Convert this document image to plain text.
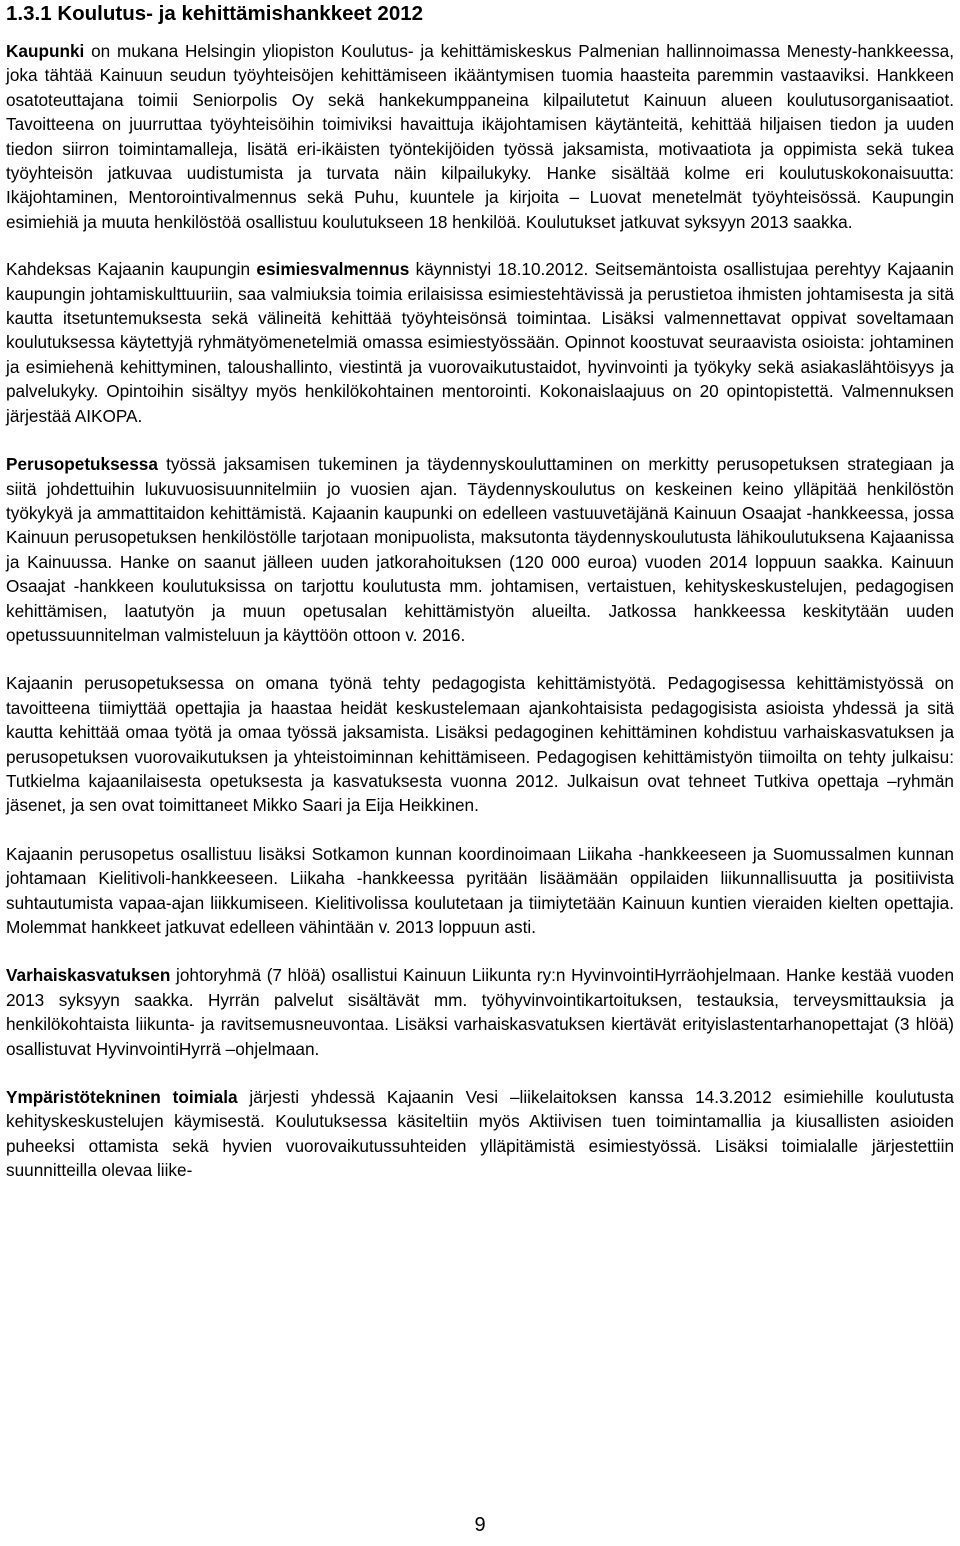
1.3.1 Koulutus- ja kehittämishankkeet 2012

Kaupunki on mukana Helsingin yliopiston Koulutus- ja kehittämiskeskus Palmenian hallinnoimassa Menesty-hankkeessa, joka tähtää Kainuun seudun työyhteisöjen kehittämiseen ikääntymisen tuomia haasteita paremmin vastaaviksi. Hankkeen osatoteuttajana toimii Seniorpolis Oy sekä hankekumppaneina kilpailutetut Kainuun alueen koulutusorganisaatiot. Tavoitteena on juurruttaa työyhteisöihin toimiviksi havaittuja ikäjohtamisen käytänteitä, kehittää hiljaisen tiedon ja uuden tiedon siirron toimintamalleja, lisätä eri-ikäisten työntekijöiden työssä jaksamista, motivaatiota ja oppimista sekä tukea työyhteisön jatkuvaa uudistumista ja turvata näin kilpailukyky. Hanke sisältää kolme eri koulutuskokonaisuutta: Ikäjohtaminen, Mentorointivalmennus sekä Puhu, kuuntele ja kirjoita – Luovat menetelmät työyhteisössä. Kaupungin esimiehiä ja muuta henkilöstöä osallistuu koulutukseen 18 henkilöä. Koulutukset jatkuvat syksyyn 2013 saakka.

Kahdeksas Kajaanin kaupungin esimiesvalmennus käynnistyi 18.10.2012. Seitsemäntoista osallistujaa perehtyy Kajaanin kaupungin johtamiskulttuuriin, saa valmiuksia toimia erilaisissa esimiestehtävissä ja perustietoa ihmisten johtamisesta ja sitä kautta itsetuntemuksesta sekä välineitä kehittää työyhteisönsä toimintaa. Lisäksi valmennettavat oppivat soveltamaan koulutuksessa käytettyjä ryhmätyömenetelmiä omassa esimiestyössään. Opinnot koostuvat seuraavista osioista: johtaminen ja esimiehenä kehittyminen, taloushallinto, viestintä ja vuorovaikutustaidot, hyvinvointi ja työkyky sekä asiakaslähtöisyys ja palvelukyky. Opintoihin sisältyy myös henkilökohtainen mentorointi. Kokonaislaajuus on 20 opintopistettä. Valmennuksen järjestää AIKOPA.

Perusopetuksessa työssä jaksamisen tukeminen ja täydennyskouluttaminen on merkitty perusopetuksen strategiaan ja siitä johdettuihin lukuvuosisuunnitelmiin jo vuosien ajan. Täydennyskoulutus on keskeinen keino ylläpitää henkilöstön työkykyä ja ammattitaidon kehittämistä. Kajaanin kaupunki on edelleen vastuuvetäjänä Kainuun Osaajat -hankkeessa, jossa Kainuun perusopetuksen henkilöstölle tarjotaan monipuolista, maksutonta täydennyskoulutusta lähikoulutuksena Kajaanissa ja Kainuussa. Hanke on saanut jälleen uuden jatkorahoituksen (120 000 euroa) vuoden 2014 loppuun saakka. Kainuun Osaajat -hankkeen koulutuksissa on tarjottu koulutusta mm. johtamisen, vertaistuen, kehityskeskustelujen, pedagogisen kehittämisen, laatutyön ja muun opetusalan kehittämistyön alueilta. Jatkossa hankkeessa keskitytään uuden opetussuunnitelman valmisteluun ja käyttöön ottoon v. 2016.

Kajaanin perusopetuksessa on omana työnä tehty pedagogista kehittämistyötä. Pedagogisessa kehittämistyössä on tavoitteena tiimiyttää opettajia ja haastaa heidät keskustelemaan ajankohtaisista pedagogisista asioista yhdessä ja sitä kautta kehittää omaa työtä ja omaa työssä jaksamista. Lisäksi pedagoginen kehittäminen kohdistuu varhaiskasvatuksen ja perusopetuksen vuorovaikutuksen ja yhteistoiminnan kehittämiseen. Pedagogisen kehittämistyön tiimoilta on tehty julkaisu: Tutkielma kajaanilaisesta opetuksesta ja kasvatuksesta vuonna 2012. Julkaisun ovat tehneet Tutkiva opettaja –ryhmän jäsenet, ja sen ovat toimittaneet Mikko Saari ja Eija Heikkinen.

Kajaanin perusopetus osallistuu lisäksi Sotkamon kunnan koordinoimaan Liikaha -hankkeeseen ja Suomussalmen kunnan johtamaan Kielitivoli-hankkeeseen. Liikaha -hankkeessa pyritään lisäämään oppilaiden liikunnallisuutta ja positiivista suhtautumista vapaa-ajan liikkumiseen. Kielitivolissa koulutetaan ja tiimiytetään Kainuun kuntien vieraiden kielten opettajia. Molemmat hankkeet jatkuvat edelleen vähintään v. 2013 loppuun asti.

Varhaiskasvatuksen johtoryhmä (7 hlöä) osallistui Kainuun Liikunta ry:n HyvinvointiHyrräohjelmaan. Hanke kestää vuoden 2013 syksyyn saakka. Hyrrän palvelut sisältävät mm. työhyvinvointikartoituksen, testauksia, terveysmittauksia ja henkilökohtaista liikunta- ja ravitsemusneuvontaa. Lisäksi varhaiskasvatuksen kiertävät erityislastentarhanopettajat (3 hlöä) osallistuvat HyvinvointiHyrrä –ohjelmaan.

Ympäristötekninen toimiala järjesti yhdessä Kajaanin Vesi –liikelaitoksen kanssa 14.3.2012 esimiehille koulutusta kehityskeskustelujen käymisestä. Koulutuksessa käsiteltiin myös Aktiivisen tuen toimintamallia ja kiusallisten asioiden puheeksi ottamista sekä hyvien vuorovaikutussuhteiden ylläpitämistä esimiestyössä. Lisäksi toimialalle järjestettiin suunnitteilla olevaa liike-

9
